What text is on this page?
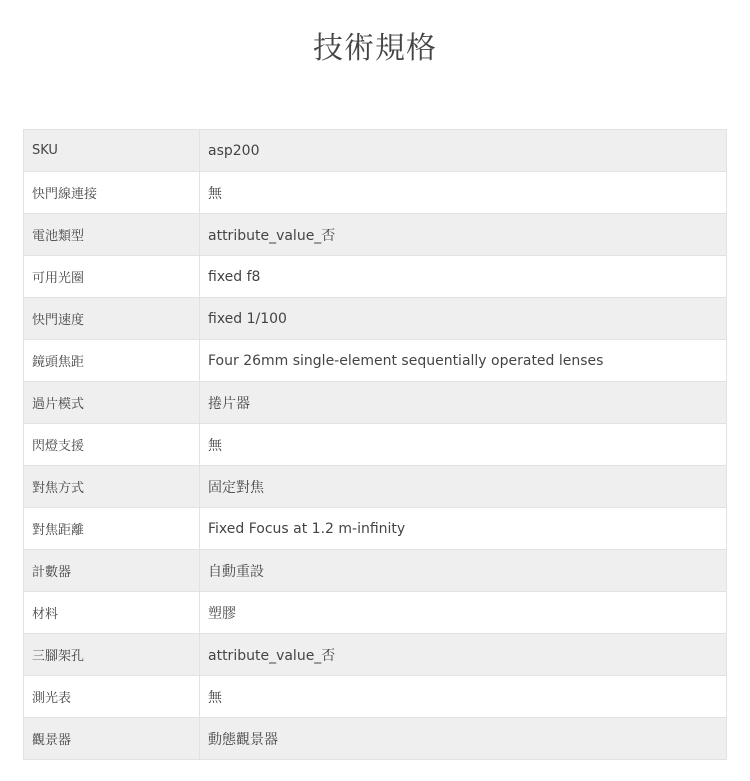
技術規格
SKU	asp200
快門線連接	無
電池類型	attribute_value_否
可用光圈	fixed f8
快門速度	fixed 1/100
鏡頭焦距	Four 26mm single-element sequentially operated lenses
過片模式	捲片器
閃燈支援	無
對焦方式	固定對焦
對焦距離	Fixed Focus at 1.2 m-infinity
計數器	自動重設
材料	塑膠
三腳架孔	attribute_value_否
測光表	無
觀景器	動態觀景器
